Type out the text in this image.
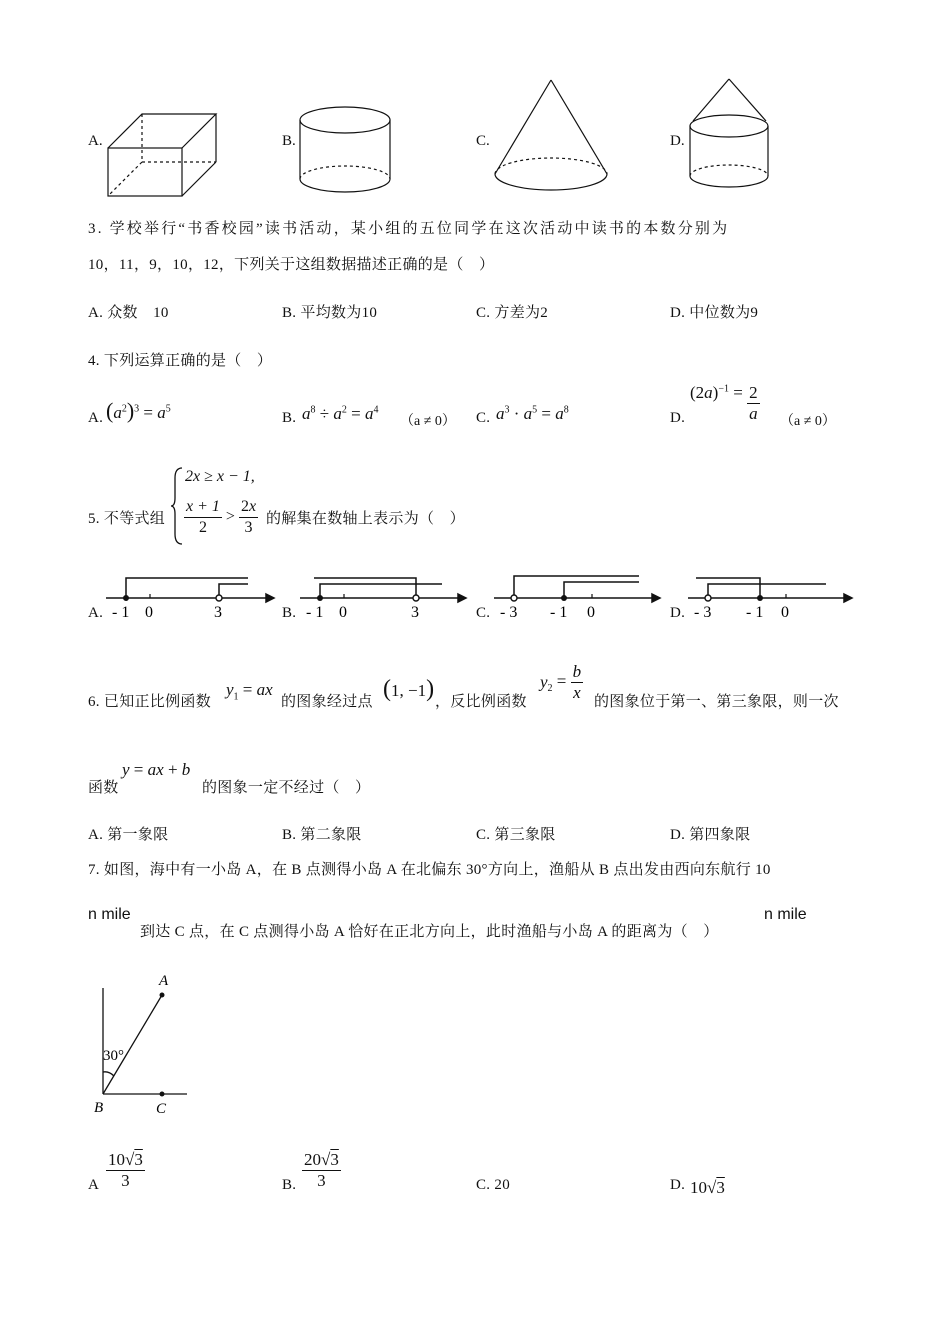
A.	B.	C.	D.
3. 学校举行“书香校园”读书活动，某小组的五位同学在这次活动中读书的本数分别为
10，11，9，10，12，下列关于这组数据描述正确的是（　）
A. 众数　10	B. 平均数为10	C. 方差为2	D. 中位数为9
4. 下列运算正确的是（　）
A. $(a^2)^3 = a^5$
B. $a^8 \div a^2 = a^4$
（a ≠ 0） C. $a^3 \cdot a^5 = a^8$
D.
$(2a)^{-1} = \frac{2}{a} (a \ne 0)$
5. 不等式组
2x ≥ x − 1,
$\frac{x + 1}{2} > \frac{2x}{3}$ 的解集在数轴上表示为（　）
A. - 1 0	3	B. - 1 0	3	C. - 3 - 1 0	D. - 3 - 1 0
6. 已知正比例函数
$y_1$ = ax
的图象经过点 (1, −1) ，反比例函数
$y_2 = \frac{b}{x}$ 的图象位于第一、第三象限，则一次
函数
y = ax + b
的图象一定不经过（　）
A. 第一象限	B. 第二象限	C. 第三象限	D. 第四象限
7. 如图，海中有一小岛 A，在 B 点测得小岛 A 在北偏东 30°方向上，渔船从 B 点出发由西向东航行 10
n mile
到达 C 点，在 C 点测得小岛 A 恰好在正北方向上，此时渔船与小岛 A 的距离为（　）
n mile
A
B	C
30°
A $\frac{10√3}{3}$	B. $\frac{20√3}{3}$	C. 20	D. 10√3
